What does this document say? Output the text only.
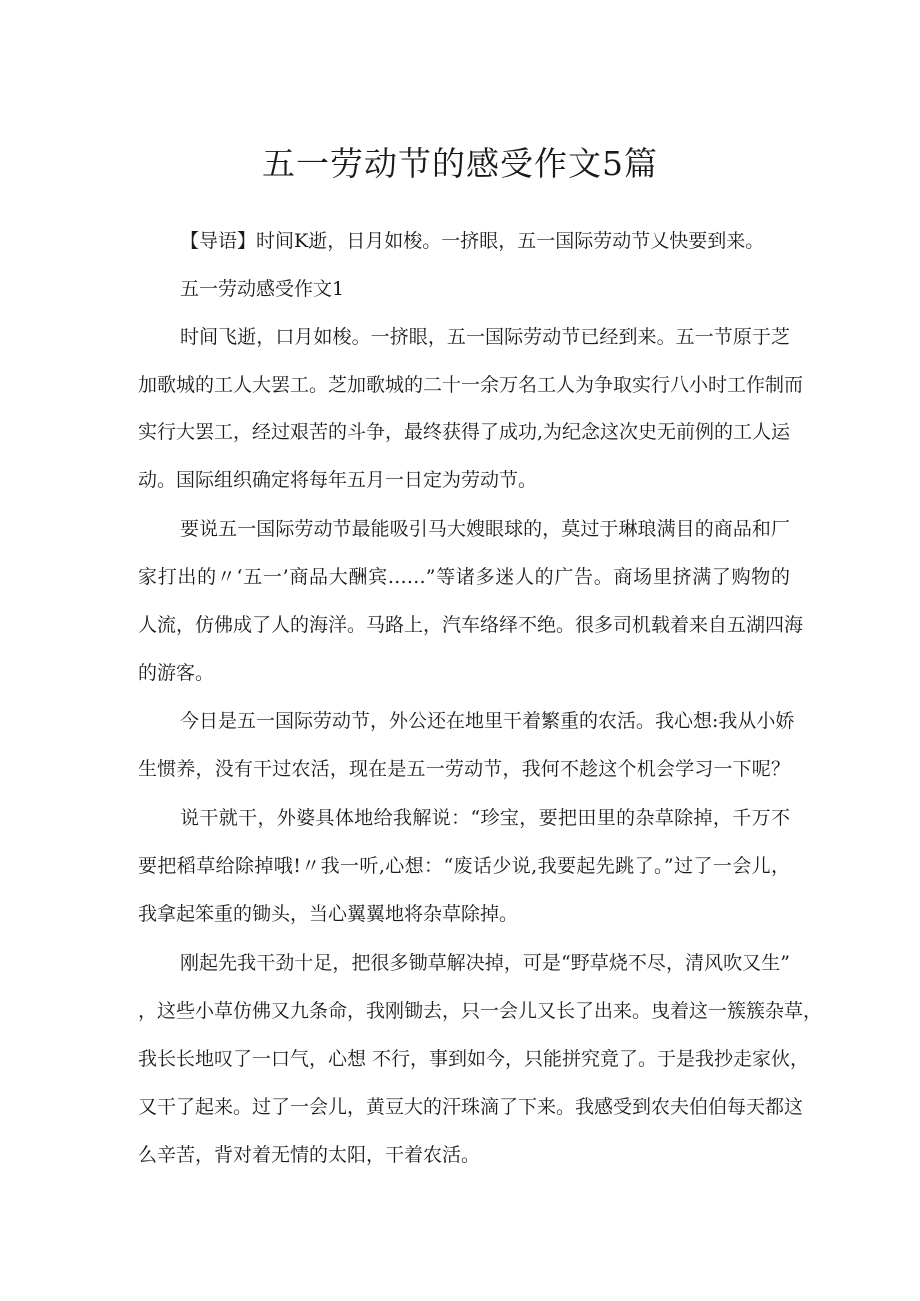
五一劳动节的感受作文5篇

【导语】时间K逝，日月如梭。一挤眼，五一国际劳动节乂快要到来。

五一劳动感受作文1

时间飞逝，口月如梭。一挤眼，五一国际劳动节已经到来。五一节原于芝

加歌城的工人大罢工。芝加歌城的二十一余万名工人为争取实行八小时工作制而

实行大罢工，经过艰苦的斗争，最终获得了成功,为纪念这次史无前例的工人运

动。国际组织确定将每年五月一日定为劳动节。

要说五一国际劳动节最能吸引马大嫂眼球的，莫过于琳琅满目的商品和厂

家打出的〃‘五一’商品大酬宾……”等诸多迷人的广告。商场里挤满了购物的

人流，仿佛成了人的海洋。马路上，汽车络绎不绝。很多司机载着来自五湖四海

的游客。

今日是五一国际劳动节，外公还在地里干着繁重的农活。我心想:我从小娇

生惯养，没有干过农活，现在是五一劳动节，我何不趁这个机会学习一下呢？

说干就干，外婆具体地给我解说：“珍宝，要把田里的杂草除掉，千万不

要把稻草给除掉哦!〃我一听,心想：“废话少说,我要起先跳了。”过了一会儿，

我拿起笨重的锄头，当心翼翼地将杂草除掉。

刚起先我干劲十足，把很多锄草解决掉，可是“野草烧不尽，清风吹又生”

，这些小草仿佛又九条命，我刚锄去，只一会儿又长了出来。曳着这一簇簇杂草，

我长长地叹了一口气，心想 不行，事到如今，只能拼究竟了。于是我抄走家伙，

又干了起来。过了一会儿，黄豆大的汗珠滴了下来。我感受到农夫伯伯每天都这

么辛苦，背对着无情的太阳，干着农活。
